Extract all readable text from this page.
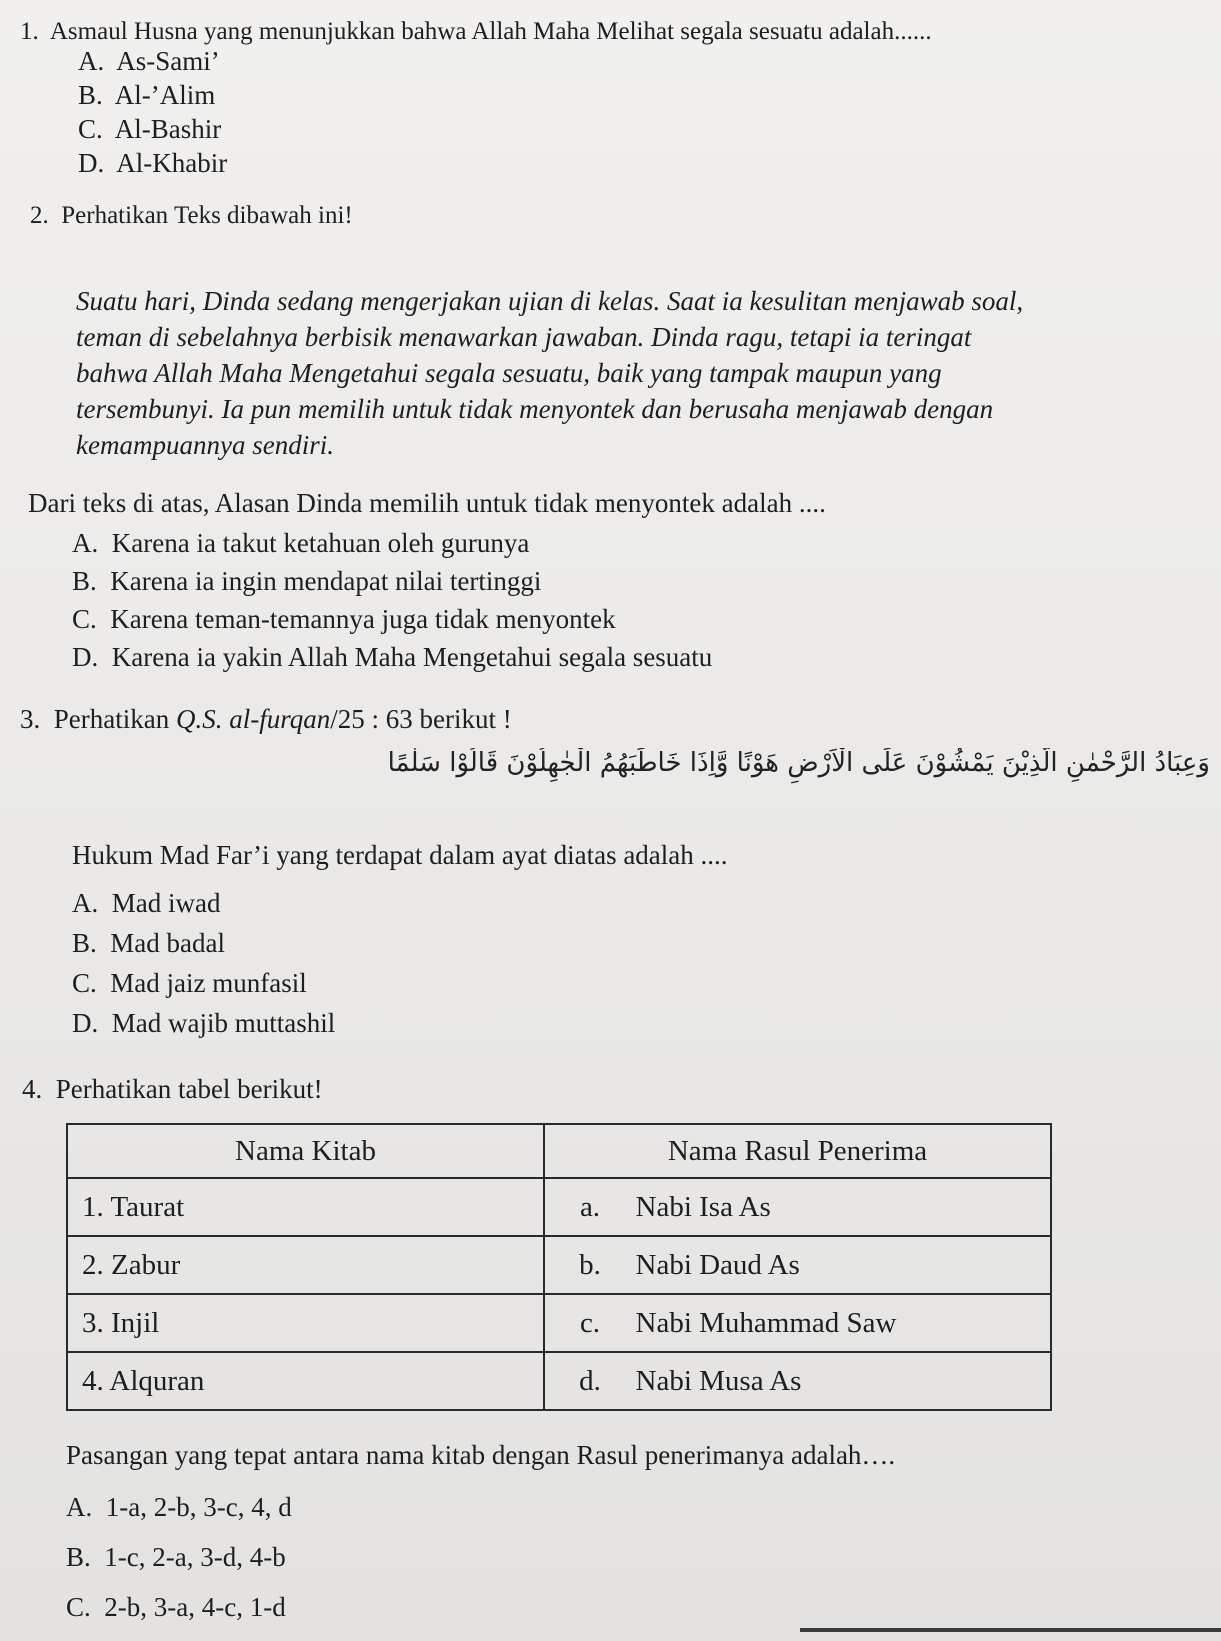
1. Asmaul Husna yang menunjukkan bahwa Allah Maha Melihat segala sesuatu adalah......
A. As-Sami’
B. Al-’Alim
C. Al-Bashir
D. Al-Khabir
2. Perhatikan Teks dibawah ini!
Suatu hari, Dinda sedang mengerjakan ujian di kelas. Saat ia kesulitan menjawab soal,
teman di sebelahnya berbisik menawarkan jawaban. Dinda ragu, tetapi ia teringat
bahwa Allah Maha Mengetahui segala sesuatu, baik yang tampak maupun yang
tersembunyi. Ia pun memilih untuk tidak menyontek dan berusaha menjawab dengan
kemampuannya sendiri.
Dari teks di atas, Alasan Dinda memilih untuk tidak menyontek adalah ....
A. Karena ia takut ketahuan oleh gurunya
B. Karena ia ingin mendapat nilai tertinggi
C. Karena teman-temannya juga tidak menyontek
D. Karena ia yakin Allah Maha Mengetahui segala sesuatu
3. Perhatikan Q.S. al-furqan/25 : 63 berikut !
وَعِبَادُ الرَّحْمٰنِ الَّذِيْنَ يَمْشُوْنَ عَلَى الْاَرْضِ هَوْنًا وَّاِذَا خَاطَبَهُمُ الْجٰهِلُوْنَ قَالُوْا سَلٰمًا
Hukum Mad Far’i yang terdapat dalam ayat diatas adalah ....
A. Mad iwad
B. Mad badal
C. Mad jaiz munfasil
D. Mad wajib muttashil
4. Perhatikan tabel berikut!
Nama Kitab	Nama Rasul Penerima
1. Taurat	a. Nabi Isa As
2. Zabur	b. Nabi Daud As
3. Injil	c. Nabi Muhammad Saw
4. Alquran	d. Nabi Musa As
Pasangan yang tepat antara nama kitab dengan Rasul penerimanya adalah….
A. 1-a, 2-b, 3-c, 4, d
B. 1-c, 2-a, 3-d, 4-b
C. 2-b, 3-a, 4-c, 1-d
